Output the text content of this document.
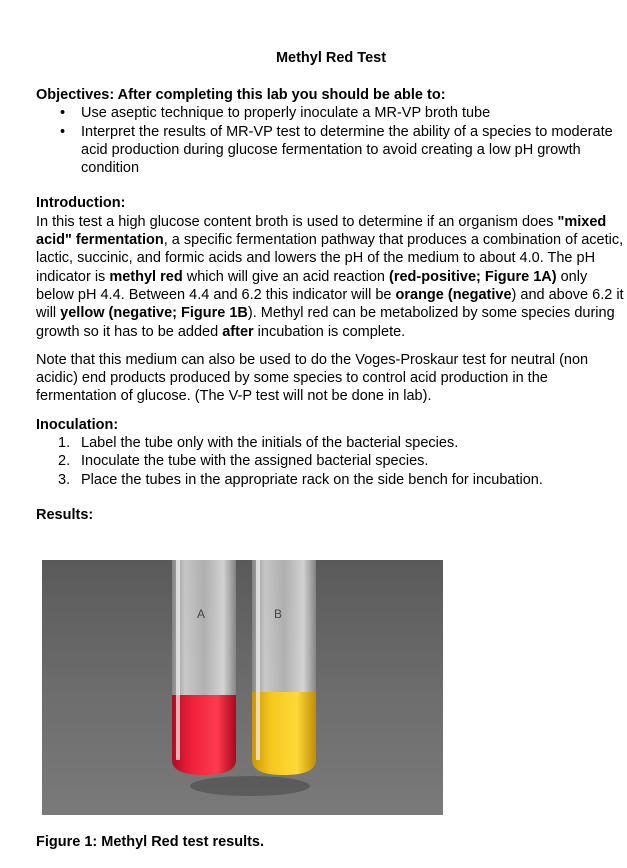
Methyl Red Test
Objectives: After completing this lab you should be able to:
• Use aseptic technique to properly inoculate a MR-VP broth tube
• Interpret the results of MR-VP test to determine the ability of a species to moderate acid production during glucose fermentation to avoid creating a low pH growth condition
Introduction:

In this test a high glucose content broth is used to determine if an organism does "mixed acid" fermentation, a specific fermentation pathway that produces a combination of acetic, lactic, succinic, and formic acids and lowers the pH of the medium to about 4.0. The pH indicator is methyl red which will give an acid reaction (red-positive; Figure 1A) only below pH 4.4. Between 4.4 and 6.2 this indicator will be orange (negative) and above 6.2 it will yellow (negative; Figure 1B). Methyl red can be metabolized by some species during growth so it has to be added after incubation is complete.

Note that this medium can also be used to do the Voges-Proskaur test for neutral (non acidic) end products produced by some species to control acid production in the fermentation of glucose. (The V-P test will not be done in lab).

Inoculation:
1. Label the tube only with the initials of the bacterial species.
2. Inoculate the tube with the assigned bacterial species.
3. Place the tubes in the appropriate rack on the side bench for incubation.
Results:
A	B
Figure 1: Methyl Red test results.
